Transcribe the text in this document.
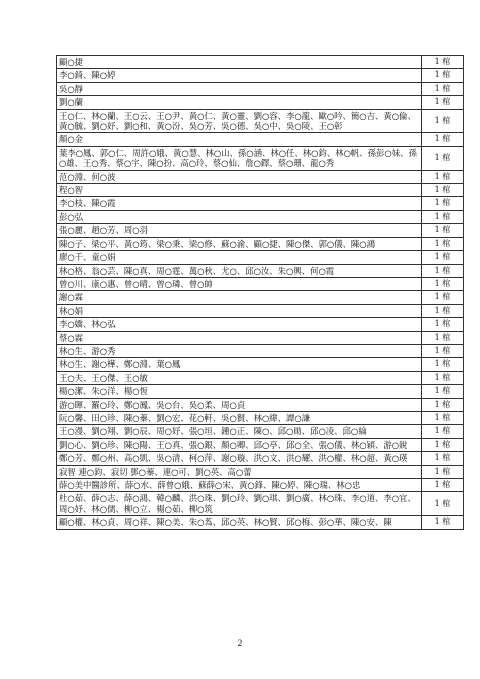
顧○捷	1 棺
李○錡、陳○婷	1 棺
吳○靜	1 棺
劉○蘭	1 棺
王○仁、林○蘭、王○云、王○尹、黃○仁、黃○靈、劉○容、李○龍、歐○吟、簡○吉、黃○倫、黃○毓、劉○妤、劉○和、黃○汾、吳○芳、吳○德、吳○中、吳○陵、王○彰	1 棺
顏○金	1 棺
葉李○鳳、郭○仁、周許○娥、黃○慧、林○山、孫○涵、林○任、林○鈞、林○帆、孫彭○妹、孫○雄、王○秀、蔡○宇、陳○扮、高○玲、蔡○仙、詹○鐸、蔡○珊、龍○秀	1 棺
范○淵、何○波	1 棺
程○智	1 棺
李○枝、陳○霞	1 棺
彭○弘	1 棺
張○麗、趙○芳、周○羽	1 棺
陳○子、梁○平、黃○筠、梁○秉、梁○修、蘇○渝、顧○捷、陳○傑、郭○儀、陳○鴻	1 棺
廖○千、童○娟	1 棺
林○格、翁○芸、陳○真、周○霆、萬○秋、尤○、邱○汝、朱○興、何○霞	1 棺
曾○川、康○惠、曾○晴、曾○璘、曾○帥	1 棺
謝○霖	1 棺
林○娟	1 棺
李○嬌、林○弘	1 棺
蔡○霖	1 棺
林○生、游○秀	1 棺
林○生、謝○樺、鄭○淵、葉○鳳	1 棺
王○夫、王○傑、王○敏	1 棺
楊○潔、朱○洋、楊○恆	1 棺
游○暉、羅○玲、鄭○鳳、吳○台、吳○柔、周○貞	1 棺
阮○馨、田○珍、陳○蓁、劉○宏、花○軒、吳○賢、林○緯、譚○謙	1 棺
王○漫、劉○翔、劉○辰、周○妤、張○垣、鍾○正、陳○、邱○勛、邱○凌、邱○綸	1 棺
劉○心、劉○珍、陳○陽、王○真、張○銀、顏○卿、邱○亭、邱○全、張○儀、林○穎、游○銳	1 棺
鄭○芳、鄭○州、高○凱、吳○清、柯○萍、謝○璇、洪○文、洪○耀、洪○權、林○超、黃○瑛	1 棺
寂智 連○鈞、寂切 鄧○蓁、連○可、劉○英、高○蕾	1 棺
薛○美中醫診所、薛○水、薛曾○娥、蘇薛○宋、黃○鋒、陳○婷、陳○瑞、林○忠	1 棺
杜○茹、薛○志、薛○鴻、韓○麟、洪○珠、劉○玲、劉○琪、劉○廣、林○珠、李○道、李○宜、周○妤、林○儒、柳○立、楊○茹、柳○筑	1 棺
顧○權、林○貞、周○祥、陳○美、朱○蒍、邱○英、林○賢、邱○梅、彭○華、陳○安、陳	1 棺
2
